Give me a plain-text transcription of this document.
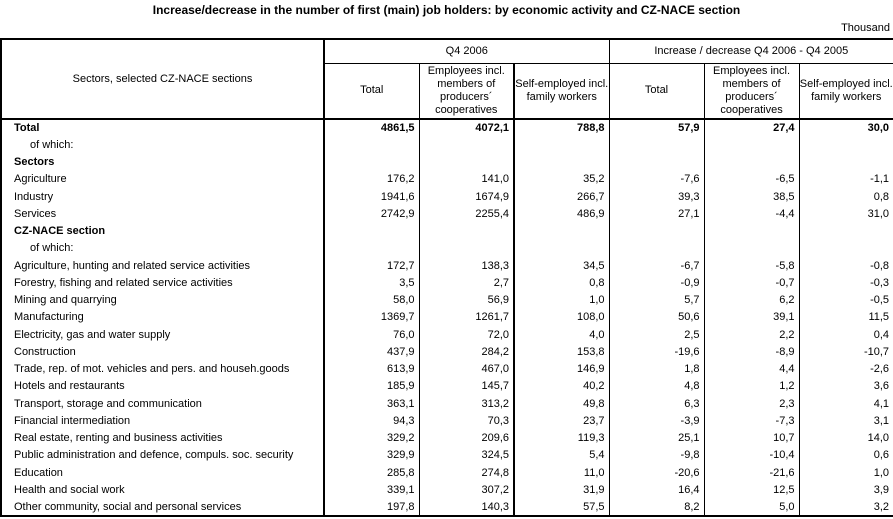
Increase/decrease in the number of first (main) job holders: by economic activity and CZ-NACE section
Thousand
Sectors, selected CZ-NACE sections	Q4 2006			Increase / decrease Q4 2006 - Q4 2005		
	Total	Employees incl. members of producers´ cooperatives	Self-employed incl. family workers	Total	Employees incl. members of producers´ cooperatives	Self-employed incl. family workers
Total	4861,5	4072,1	788,8	57,9	27,4	30,0
of which:						
Sectors						
Agriculture	176,2	141,0	35,2	-7,6	-6,5	-1,1
Industry	1941,6	1674,9	266,7	39,3	38,5	0,8
Services	2742,9	2255,4	486,9	27,1	-4,4	31,0
CZ-NACE section						
of which:						
Agriculture, hunting and related service activities	172,7	138,3	34,5	-6,7	-5,8	-0,8
Forestry, fishing and related service activities	3,5	2,7	0,8	-0,9	-0,7	-0,3
Mining and quarrying	58,0	56,9	1,0	5,7	6,2	-0,5
Manufacturing	1369,7	1261,7	108,0	50,6	39,1	11,5
Electricity, gas and water supply	76,0	72,0	4,0	2,5	2,2	0,4
Construction	437,9	284,2	153,8	-19,6	-8,9	-10,7
Trade, rep. of mot. vehicles and pers. and househ.goods	613,9	467,0	146,9	1,8	4,4	-2,6
Hotels and restaurants	185,9	145,7	40,2	4,8	1,2	3,6
Transport, storage and communication	363,1	313,2	49,8	6,3	2,3	4,1
Financial intermediation	94,3	70,3	23,7	-3,9	-7,3	3,1
Real estate, renting and business activities	329,2	209,6	119,3	25,1	10,7	14,0
Public administration and defence, compuls. soc. security	329,9	324,5	5,4	-9,8	-10,4	0,6
Education	285,8	274,8	11,0	-20,6	-21,6	1,0
Health and social work	339,1	307,2	31,9	16,4	12,5	3,9
Other community, social and personal services	197,8	140,3	57,5	8,2	5,0	3,2
